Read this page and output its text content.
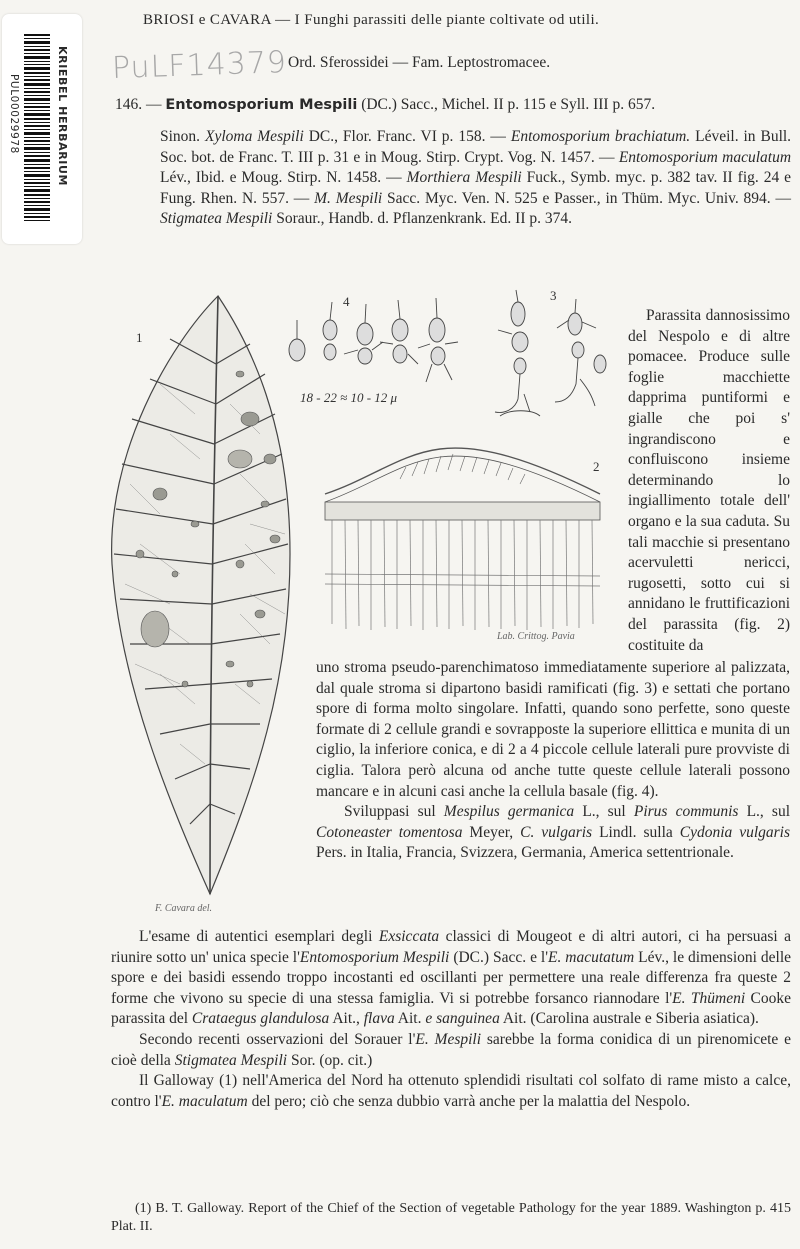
BRIOSI e CAVARA — I Funghi parassiti delle piante coltivate od utili.
Ord. Sferossidei — Fam. Leptostromacee.
KRIEBEL HERBARIUM
PUL00029978
PuLF14379
146. — Entomosporium Mespili (DC.) Sacc., Michel. II p. 115 e Syll. III p. 657.
Sinon. Xyloma Mespili DC., Flor. Franc. VI p. 158. — Entomosporium brachiatum. Léveil. in Bull. Soc. bot. de Franc. T. III p. 31 e in Moug. Stirp. Crypt. Vog. N. 1457. — Entomosporium maculatum Lév., Ibid. e Moug. Stirp. N. 1458. — Morthiera Mespili Fuck., Symb. myc. p. 382 tav. II fig. 24 e Fung. Rhen. N. 557. — M. Mespili Sacc. Myc. Ven. N. 525 e Passer., in Thüm. Myc. Univ. 894. — Stigmatea Mespili Soraur., Handb. d. Pflanzenkrank. Ed. II p. 374.
1
F. Cavara del.
4
18 - 22 ≈ 10 - 12 μ
3
2
Lab. Crittog. Pavia
Parassita dannosissimo del Nespolo e di altre pomacee. Produce sulle foglie macchiette dapprima puntiformi e gialle che poi s' ingrandiscono e confluiscono insieme determinando lo ingiallimento totale dell' organo e la sua caduta. Su tali macchie si presentano acervuletti nericci, rugosetti, sotto cui si annidano le fruttificazioni del parassita (fig. 2) costituite da

uno stroma pseudo-parenchimatoso immediatamente superiore al palizzata, dal quale stroma si dipartono basidi ramificati (fig. 3) e settati che portano spore di forma molto singolare. Infatti, quando sono perfette, sono queste formate di 2 cellule grandi e sovrapposte la superiore ellittica e munita di un ciglio, la inferiore conica, e di 2 a 4 piccole cellule laterali pure provviste di ciglia. Talora però alcuna od anche tutte queste cellule laterali possono mancare e in alcuni casi anche la cellula basale (fig. 4).

Sviluppasi sul Mespilus germanica L., sul Pirus communis L., sul Cotoneaster tomentosa Meyer, C. vulgaris Lindl. sulla Cydonia vulgaris Pers. in Italia, Francia, Svizzera, Germania, America settentrionale.

L'esame di autentici esemplari degli Exsiccata classici di Mougeot e di altri autori, ci ha persuasi a riunire sotto un' unica specie l'Entomosporium Mespili (DC.) Sacc. e l'E. macutatum Lév., le dimensioni delle spore e dei basidi essendo troppo incostanti ed oscillanti per permettere una reale differenza fra queste 2 forme che vivono su specie di una stessa famiglia. Vi si potrebbe forsanco riannodare l'E. Thümeni Cooke parassita del Crataegus glandulosa Ait., flava Ait. e sanguinea Ait. (Carolina australe e Siberia asiatica).

Secondo recenti osservazioni del Sorauer l'E. Mespili sarebbe la forma conidica di un pirenomicete e cioè della Stigmatea Mespili Sor. (op. cit.)

Il Galloway (1) nell'America del Nord ha ottenuto splendidi risultati col solfato di rame misto a calce, contro l'E. maculatum del pero; ciò che senza dubbio varrà anche per la malattia del Nespolo.

(1) B. T. Galloway. Report of the Chief of the Section of vegetable Pathology for the year 1889. Washington p. 415 Plat. II.
